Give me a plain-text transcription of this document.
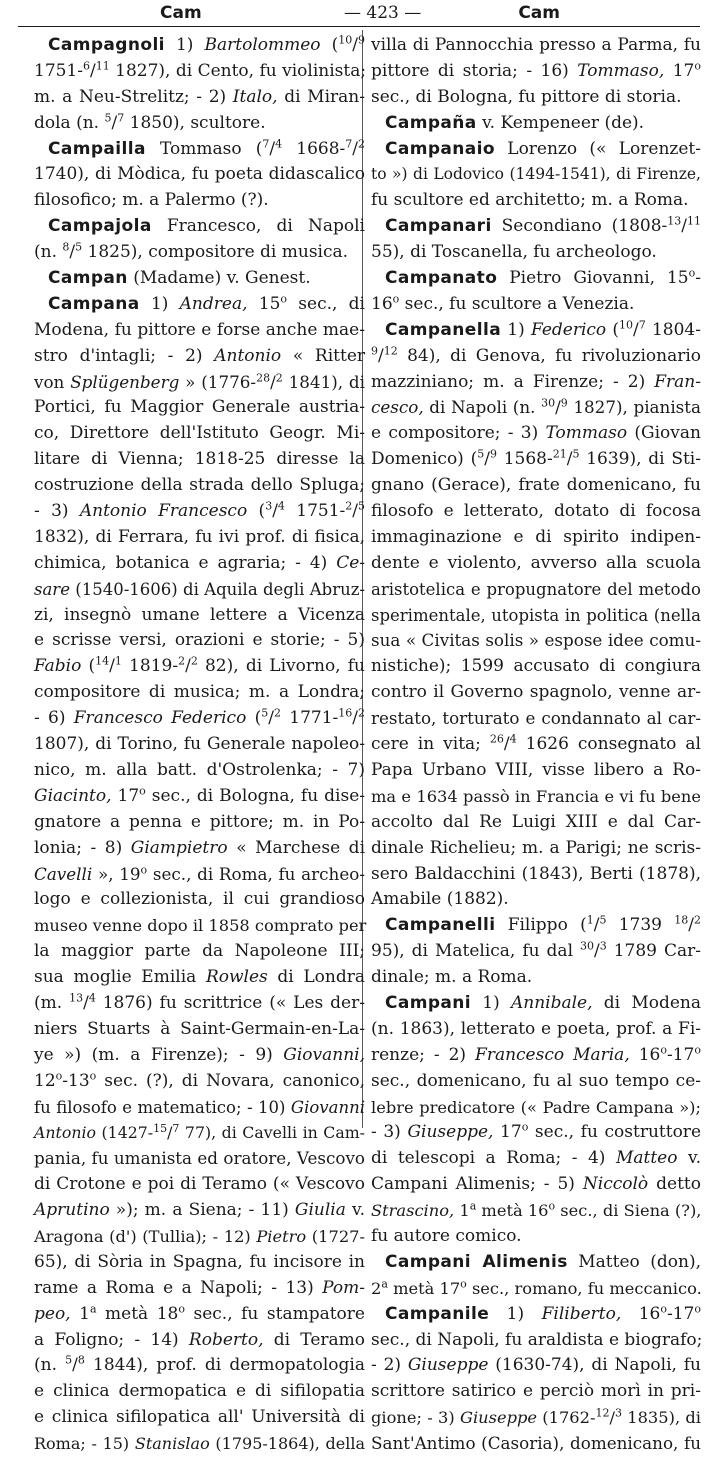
Cam	— 423 —	Cam
Campagnoli 1) Bartolommeo ($^{10}$/$^9$
1751-$^6$/$^{11}$ 1827), di Cento, fu violinista;
m. a Neu-Strelitz; - 2) Italo, di Miran-
dola (n. $^5$/$^7$ 1850), scultore.
Campailla Tommaso ($^7$/$^4$ 1668-$^7$/$^2$
1740), di Mòdica, fu poeta didascalico
filosofico; m. a Palermo (?).
Campajola Francesco, di Napoli
(n. $^8$/$^5$ 1825), compositore di musica.
Campan (Madame) v. Genest.
Campana 1) Andrea, 15$^o$ sec., di
Modena, fu pittore e forse anche mae-
stro d'intagli; - 2) Antonio « Ritter
von Splügenberg » (1776-$^{28}$/$^2$ 1841), di
Portici, fu Maggior Generale austria-
co, Direttore dell'Istituto Geogr. Mi-
litare di Vienna; 1818-25 diresse la
costruzione della strada dello Spluga;
- 3) Antonio Francesco ($^3$/$^4$ 1751-$^2$/$^5$
1832), di Ferrara, fu ivi prof. di fisica,
chimica, botanica e agraria; - 4) Ce-
sare (1540-1606) di Aquila degli Abruz-
zi, insegnò umane lettere a Vicenza
e scrisse versi, orazioni e storie; - 5)
Fabio ($^{14}$/$^1$ 1819-$^2$/$^2$ 82), di Livorno, fu
compositore di musica; m. a Londra;
- 6) Francesco Federico ($^5$/$^2$ 1771-$^{16}$/$^2$
1807), di Torino, fu Generale napoleo-
nico, m. alla batt. d'Ostrolenka; - 7)
Giacinto, 17$^o$ sec., di Bologna, fu dise-
gnatore a penna e pittore; m. in Po-
lonia; - 8) Giampietro « Marchese di
Cavelli », 19$^o$ sec., di Roma, fu archeo-
logo e collezionista, il cui grandioso
museo venne dopo il 1858 comprato per
la maggior parte da Napoleone III;
sua moglie Emilia Rowles di Londra
(m. $^{13}$/$^4$ 1876) fu scrittrice (« Les der-
niers Stuarts à Saint-Germain-en-La-
ye ») (m. a Firenze); - 9) Giovanni,
12$^o$-13$^o$ sec. (?), di Novara, canonico,
fu filosofo e matematico; - 10) Giovanni
Antonio (1427-$^{15}$/$^7$ 77), di Cavelli in Cam-
pania, fu umanista ed oratore, Vescovo
di Crotone e poi di Teramo (« Vescovo
Aprutino »); m. a Siena; - 11) Giulia v.
Aragona (d') (Tullia); - 12) Pietro (1727-
65), di Sòria in Spagna, fu incisore in
rame a Roma e a Napoli; - 13) Pom-
peo, 1$^a$ metà 18$^o$ sec., fu stampatore
a Foligno; - 14) Roberto, di Teramo
(n. $^5$/$^8$ 1844), prof. di dermopatologia
e clinica dermopatica e di sifilopatia
e clinica sifilopatica all' Università di
Roma; - 15) Stanislao (1795-1864), della
villa di Pannocchia presso a Parma, fu
pittore di storia; - 16) Tommaso, 17$^o$
sec., di Bologna, fu pittore di storia.
Campaña v. Kempeneer (de).
Campanaio Lorenzo (« Lorenzet-
to ») di Lodovico (1494-1541), di Firenze,
fu scultore ed architetto; m. a Roma.
Campanari Secondiano (1808-$^{13}$/$^{11}$
55), di Toscanella, fu archeologo.
Campanato Pietro Giovanni, 15$^o$-
16$^o$ sec., fu scultore a Venezia.
Campanella 1) Federico ($^{10}$/$^7$ 1804-
$^9$/$^{12}$ 84), di Genova, fu rivoluzionario
mazziniano; m. a Firenze; - 2) Fran-
cesco, di Napoli (n. $^{30}$/$^9$ 1827), pianista
e compositore; - 3) Tommaso (Giovan
Domenico) ($^5$/$^9$ 1568-$^{21}$/$^5$ 1639), di Sti-
gnano (Gerace), frate domenicano, fu
filosofo e letterato, dotato di focosa
immaginazione e di spirito indipen-
dente e violento, avverso alla scuola
aristotelica e propugnatore del metodo
sperimentale, utopista in politica (nella
sua « Civitas solis » espose idee comu-
nistiche); 1599 accusato di congiura
contro il Governo spagnolo, venne ar-
restato, torturato e condannato al car-
cere in vita; $^{26}$/$^4$ 1626 consegnato al
Papa Urbano VIII, visse libero a Ro-
ma e 1634 passò in Francia e vi fu bene
accolto dal Re Luigi XIII e dal Car-
dinale Richelieu; m. a Parigi; ne scris-
sero Baldacchini (1843), Berti (1878),
Amabile (1882).
Campanelli Filippo ($^1$/$^5$ 1739 $^{18}$/$^2$
95), di Matelica, fu dal $^{30}$/$^3$ 1789 Car-
dinale; m. a Roma.
Campani 1) Annibale, di Modena
(n. 1863), letterato e poeta, prof. a Fi-
renze; - 2) Francesco Maria, 16$^o$-17$^o$
sec., domenicano, fu al suo tempo ce-
lebre predicatore (« Padre Campana »);
- 3) Giuseppe, 17$^o$ sec., fu costruttore
di telescopi a Roma; - 4) Matteo v.
Campani Alimenis; - 5) Niccolò detto
Strascino, 1$^a$ metà 16$^o$ sec., di Siena (?),
fu autore comico.
Campani Alimenis Matteo (don),
2$^a$ metà 17$^o$ sec., romano, fu meccanico.
Campanile 1) Filiberto, 16$^o$-17$^o$
sec., di Napoli, fu araldista e biografo;
- 2) Giuseppe (1630-74), di Napoli, fu
scrittore satirico e perciò morì in pri-
gione; - 3) Giuseppe (1762-$^{12}$/$^3$ 1835), di
Sant'Antimo (Casoria), domenicano, fu
